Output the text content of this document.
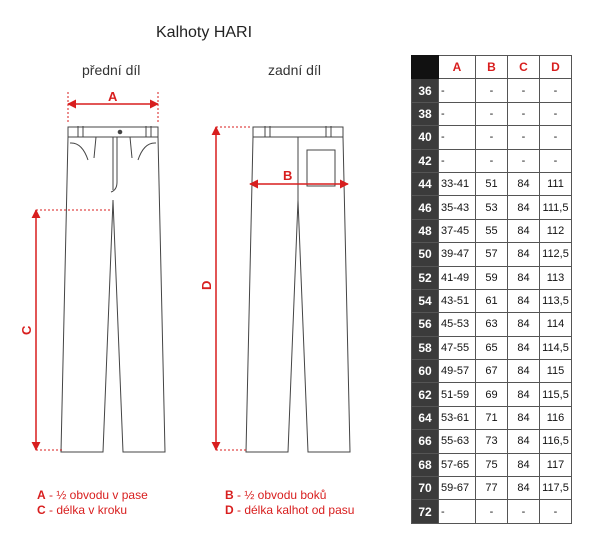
Kalhoty HARI
přední díl	zadní díl
A
B
C
D
A - ½ obvodu v pase
C - délka v kroku
B - ½ obvodu boků
D - délka kalhot od pasu
	A	B	C	D
36	-	-	-	-
38	-	-	-	-
40	-	-	-	-
42	-	-	-	-
44	33-41	51	84	111
46	35-43	53	84	111,5
48	37-45	55	84	112
50	39-47	57	84	112,5
52	41-49	59	84	113
54	43-51	61	84	113,5
56	45-53	63	84	114
58	47-55	65	84	114,5
60	49-57	67	84	115
62	51-59	69	84	115,5
64	53-61	71	84	116
66	55-63	73	84	116,5
68	57-65	75	84	117
70	59-67	77	84	117,5
72	-	-	-	-
